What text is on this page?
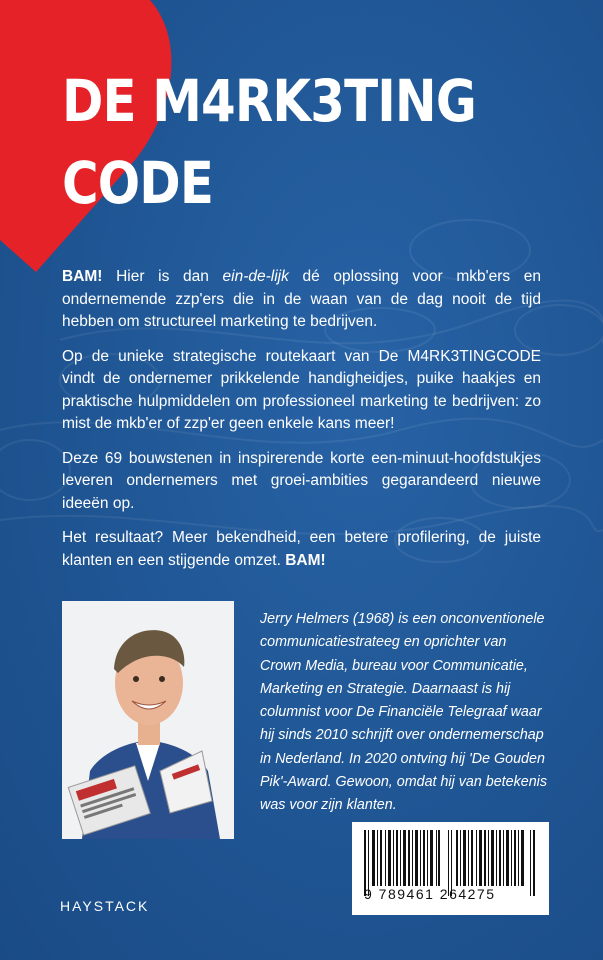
DE M4RK3TING
CODE

BAM! Hier is dan ein-de-lijk dé oplossing voor mkb'ers en ondernemende zzp'ers die in de waan van de dag nooit de tijd hebben om structureel marketing te bedrijven.

Op de unieke strategische routekaart van De M4RK3TINGCODE vindt de ondernemer prikkelende handigheidjes, puike haakjes en praktische hulpmiddelen om professioneel marketing te bedrijven: zo mist de mkb'er of zzp'er geen enkele kans meer!

Deze 69 bouwstenen in inspirerende korte een-minuut-hoofdstukjes leveren ondernemers met groei-ambities gegarandeerd nieuwe ideeën op.

Het resultaat? Meer bekendheid, een betere profilering, de juiste klanten en een stijgende omzet. BAM!

Jerry Helmers (1968) is een onconventionele communicatiestrateeg en oprichter van Crown Media, bureau voor Communicatie, Marketing en Strategie. Daarnaast is hij columnist voor De Financiële Telegraaf waar hij sinds 2010 schrijft over ondernemerschap in Nederland. In 2020 ontving hij 'De Gouden Pik'-Award. Gewoon, omdat hij van betekenis was voor zijn klanten.
9 789461 264275
HAYSTACK
